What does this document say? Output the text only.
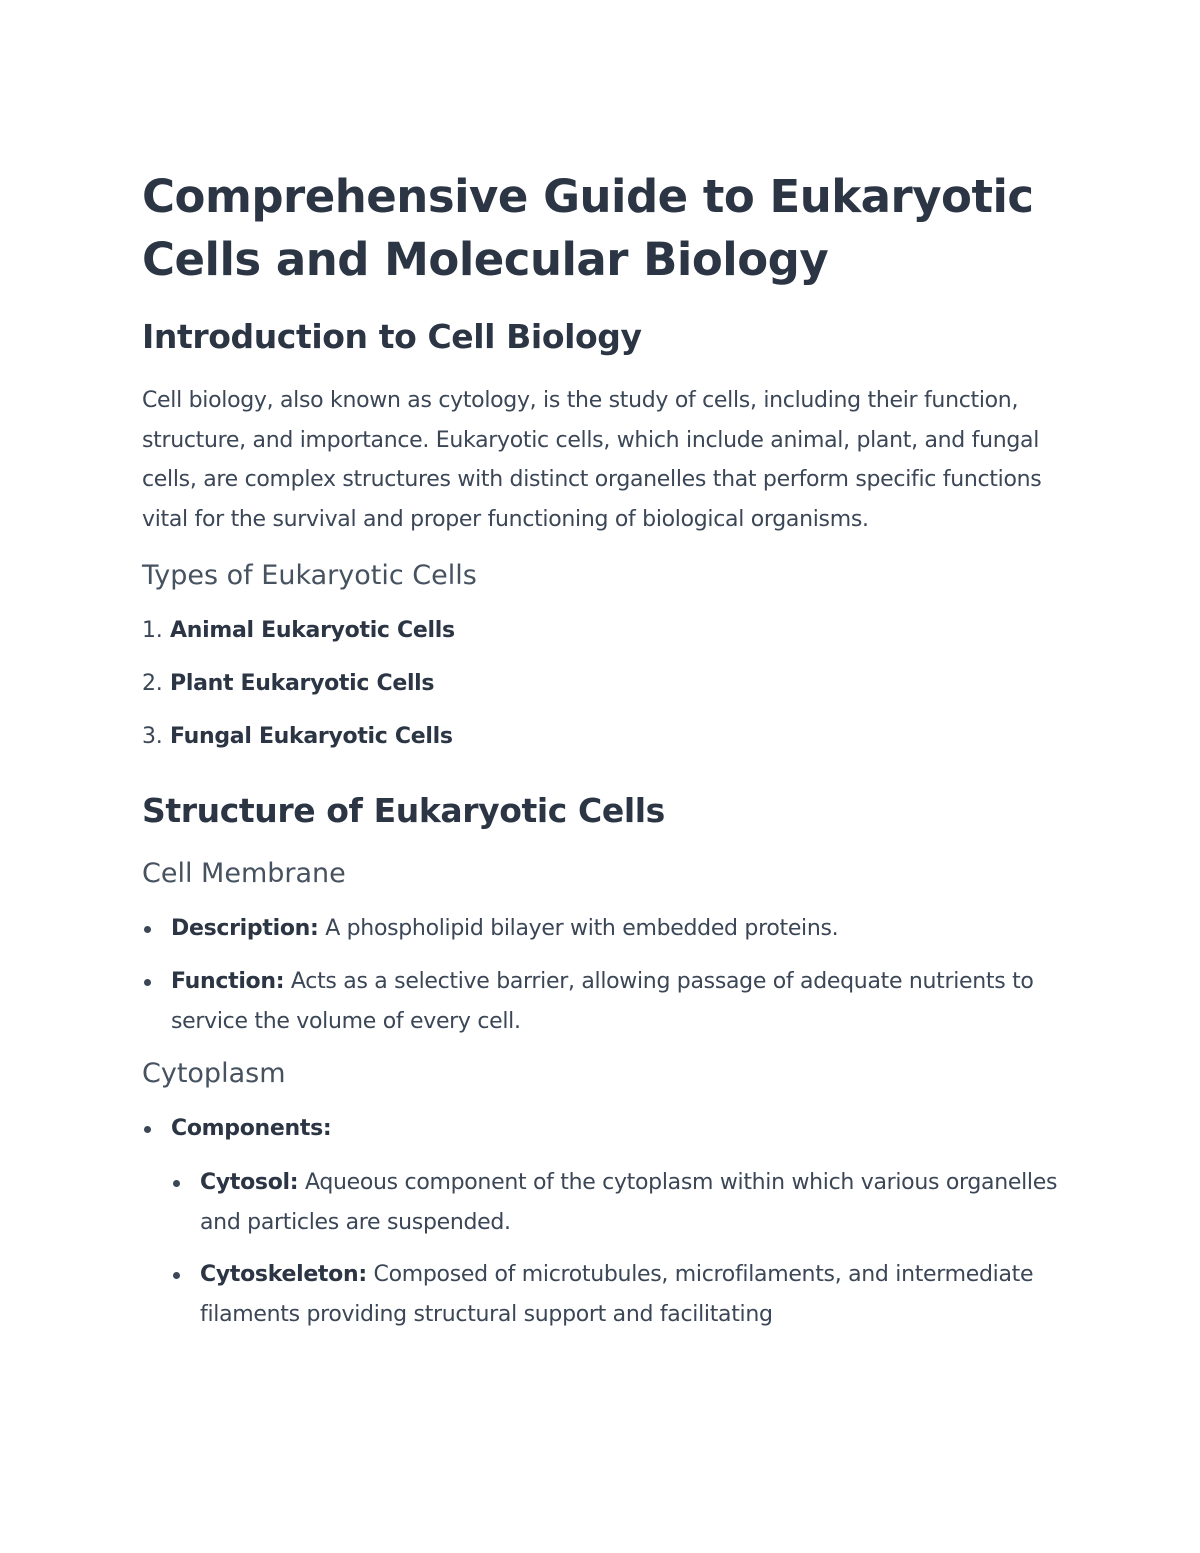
Comprehensive Guide to Eukaryotic Cells and Molecular Biology
Introduction to Cell Biology

Cell biology, also known as cytology, is the study of cells, including their function, structure, and importance. Eukaryotic cells, which include animal, plant, and fungal cells, are complex structures with distinct organelles that perform specific functions vital for the survival and proper functioning of biological organisms.

Types of Eukaryotic Cells
1. Animal Eukaryotic Cells
2. Plant Eukaryotic Cells
3. Fungal Eukaryotic Cells
Structure of Eukaryotic Cells
Cell Membrane
Description: A phospholipid bilayer with embedded proteins.
Function: Acts as a selective barrier, allowing passage of adequate nutrients to service the volume of every cell.
Cytoplasm
Components:
Cytosol: Aqueous component of the cytoplasm within which various organelles and particles are suspended.
Cytoskeleton: Composed of microtubules, microfilaments, and intermediate filaments providing structural support and facilitating
